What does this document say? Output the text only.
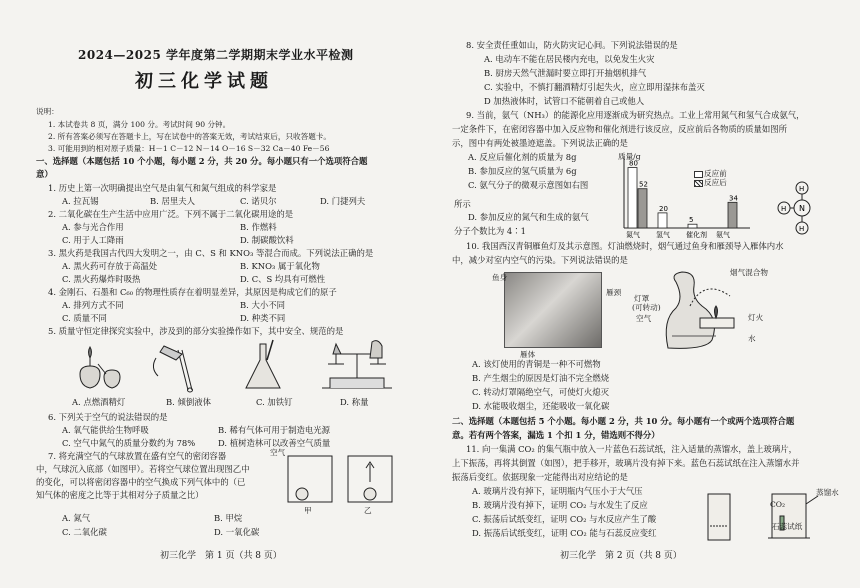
2024—2025 学年度第二学期期末学业水平检测
初三化学试题
说明：
1. 本试卷共 8 页，满分 100 分。考试时间 90 分钟。
2. 所有答案必须写在答题卡上，写在试卷中的答案无效，考试结束后，只收答题卡。
3. 可能用到的相对原子质量：H－1 C－12 N－14 O－16 S－32 Ca－40 Fe－56
一、选择题（本题包括 10 个小题，每小题 2 分，共 20 分。每小题只有一个选项符合题
意）
1. 历史上第一次明确提出空气是由氧气和氮气组成的科学家是
A. 拉瓦锡	B. 居里夫人	C. 诺贝尔	D. 门捷列夫
2. 二氧化碳在生产生活中应用广泛。下列不属于二氧化碳用途的是
A. 参与光合作用	B. 作燃料
C. 用于人工降雨	D. 制碳酸饮料
3. 黑火药是我国古代四大发明之一，由 C、S 和 KNO₃ 等混合而成。下列说法正确的是
A. 黑火药可存放于高温处	B. KNO₃ 属于氧化物
C. 黑火药爆炸时吸热	D. C、S 均具有可燃性
4. 金刚石、石墨和 C₆₀ 的物理性质存在着明显差异，其原因是构成它们的原子
A. 排列方式不同	B. 大小不同
C. 质量不同	D. 种类不同
5. 质量守恒定律探究实验中，涉及到的部分实验操作如下，其中安全、规范的是
A. 点燃酒精灯	B. 倾倒液体	C. 加铁钉	D. 称量
6. 下列关于空气的说法错误的是
A. 氧气能供给生物呼吸	B. 稀有气体可用于制造电光源
C. 空气中氮气的质量分数约为 78%	D. 植树造林可以改善空气质量
7. 将充满空气的气球放置在盛有空气的密闭容器
中，气球沉入底部（如图甲）。若将空气球位置出现图乙中
的变化，可以将密闭容器中的空气换成下列气体中的（已
知气体的密度之比等于其相对分子质量之比）
空气
甲	乙
A. 氮气	B. 甲烷
C. 二氧化碳	D. 一氧化碳
初三化学　第 1 页（共 8 页）
8. 安全责任重如山，防火防灾记心间。下列说法错误的是
A. 电动车不能在居民楼内充电，以免发生火灾
B. 厨房天然气泄漏时要立即打开抽烟机排气
C. 实验中，不慎打翻酒精灯引起失火，应立即用湿抹布盖灭
D 加热液体时，试管口不能朝着自己或他人
9. 当前，氨气（NH₃）的能源化应用逐渐成为研究热点。工业上常用氮气和氢气合成氨气，
一定条件下，在密闭容器中加入反应物和催化剂进行该反应，反应前后各物质的质量如图所
示，图中有两处被墨迹遮盖。下列说法正确的是
A. 反应后催化剂的质量为 8g
B. 参加反应的氢气质量为 6g
C. 氨气分子的微观示意图如右图
所示
D. 参加反应的氮气和生成的氨气
分子个数比为 4∶1
80
52
氮气
20
氢气
5
催化剂
34
氨气
质量/g
反应前
反应后
N
H
H
H
10. 我国西汉青铜雁鱼灯及其示意图。灯油燃烧时，烟气通过鱼身和雁颈导入雁体内水
中，减少对室内空气的污染。下列说法错误的是
鱼身
雁颈
雁体
烟气混合物
灯罩
(可转动)
空气	灯火
水
A. 该灯使用的青铜是一种不可燃物
B. 产生烟尘的原因是灯油不完全燃烧
C. 转动灯罩隔绝空气，可使灯火熄灭
D. 水能吸收烟尘，还能吸收一氧化碳
二、选择题（本题包括 5 个小题。每小题 2 分，共 10 分。每小题有一个或两个选项符合题
意。若有两个答案，漏选 1 个扣 1 分，错选则不得分）
11. 向一集满 CO₂ 的集气瓶中放入一片蓝色石蕊试纸，注入适量的蒸馏水，盖上玻璃片，
上下振荡，再将其倒置（如图），把手移开，玻璃片没有掉下来。蓝色石蕊试纸在注入蒸馏水并
振荡后变红。依据现象一定能得出对应结论的是
A. 玻璃片没有掉下，证明瓶内气压小于大气压
B. 玻璃片没有掉下，证明 CO₂ 与水发生了反应
C. 振荡后试纸变红，证明 CO₂ 与水反应产生了酸
D. 振荡后试纸变红，证明 CO₂ 能与石蕊反应变红
CO₂
蒸馏水
石蕊试纸
初三化学　第 2 页（共 8 页）
